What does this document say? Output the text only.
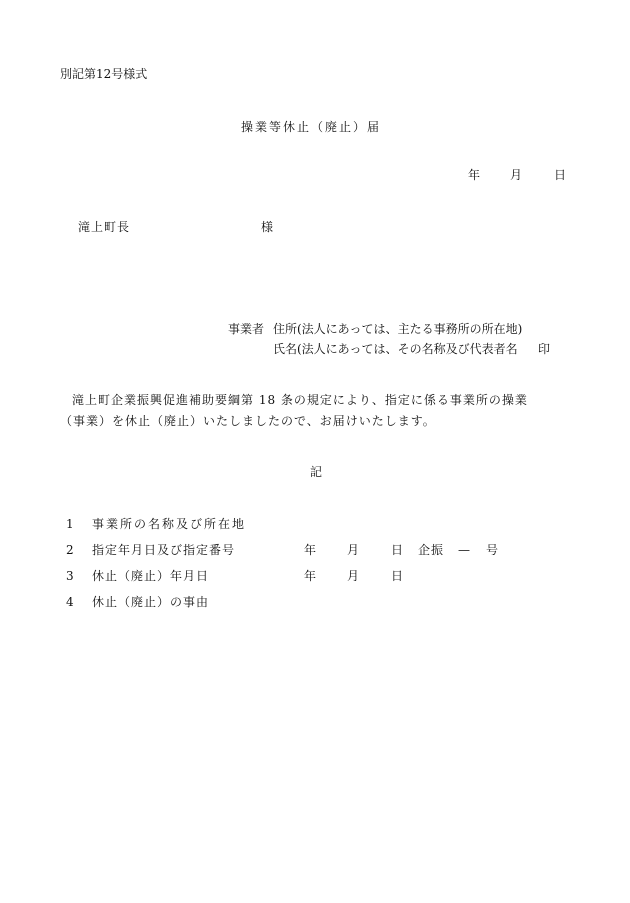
別記第12号様式
操業等休止（廃止）届
年 月	日
滝上町長	様
事業者 住所(法人にあっては、主たる事務所の所在地)
氏名(法人にあっては、その名称及び代表者名 印
滝上町企業振興促進補助要綱第 18 条の規定により、指定に係る事業所の操業
（事業）を休止（廃止）いたしましたので、お届けいたします。
記
1 事業所の名称及び所在地
2 指定年月日及び指定番号	年	月	日 企振 — 号
3 休止（廃止）年月日	年	月	日
4 休止（廃止）の事由
